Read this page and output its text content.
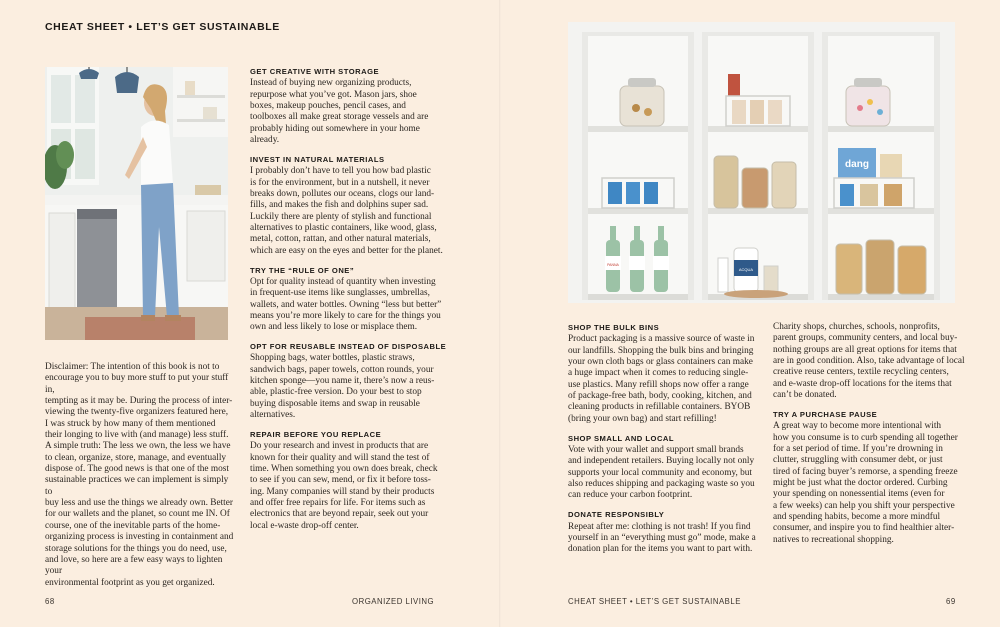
CHEAT SHEET • LET’S GET SUSTAINABLE

Disclaimer: The intention of this book is not to

encourage you to buy more stuff to put your stuff in,

tempting as it may be. During the process of inter-

viewing the twenty-five organizers featured here,

I was struck by how many of them mentioned

their longing to live with (and manage) less stuff.

A simple truth: The less we own, the less we have

to clean, organize, store, manage, and eventually

dispose of. The good news is that one of the most

sustainable practices we can implement is simply to

buy less and use the things we already own. Better

for our wallets and the planet, so count me IN. Of

course, one of the inevitable parts of the home-

organizing process is investing in containment and

storage solutions for the things you do need, use,

and love, so here are a few easy ways to lighten your

environmental footprint as you get organized.

GET CREATIVE WITH STORAGE

Instead of buying new organizing products,

repurpose what you’ve got. Mason jars, shoe

boxes, makeup pouches, pencil cases, and

toolboxes all make great storage vessels and are

probably hiding out somewhere in your home

already.

INVEST IN NATURAL MATERIALS

I probably don’t have to tell you how bad plastic

is for the environment, but in a nutshell, it never

breaks down, pollutes our oceans, clogs our land-

fills, and makes the fish and dolphins super sad.

Luckily there are plenty of stylish and functional

alternatives to plastic containers, like wood, glass,

metal, cotton, rattan, and other natural materials,

which are easy on the eyes and better for the planet.

TRY THE “RULE OF ONE”

Opt for quality instead of quantity when investing

in frequent-use items like sunglasses, umbrellas,

wallets, and water bottles. Owning “less but better”

means you’re more likely to care for the things you

own and less likely to lose or misplace them.

OPT FOR REUSABLE INSTEAD OF DISPOSABLE

Shopping bags, water bottles, plastic straws,

sandwich bags, paper towels, cotton rounds, your

kitchen sponge—you name it, there’s now a reus-

able, plastic-free version. Do your best to stop

buying disposable items and swap in reusable

alternatives.

REPAIR BEFORE YOU REPLACE

Do your research and invest in products that are

known for their quality and will stand the test of

time. When something you own does break, check

to see if you can sew, mend, or fix it before toss-

ing. Many companies will stand by their products

and offer free repairs for life. For items such as

electronics that are beyond repair, seek out your

local e-waste drop-off center.

68	ORGANIZED LIVING
dang
PANNA
ACQUA
SHOP THE BULK BINS

Product packaging is a massive source of waste in

our landfills. Shopping the bulk bins and bringing

your own cloth bags or glass containers can make

a huge impact when it comes to reducing single-

use plastics. Many refill shops now offer a range

of package-free bath, body, cooking, kitchen, and

cleaning products in refillable containers. BYOB

(bring your own bag) and start refilling!

SHOP SMALL AND LOCAL

Vote with your wallet and support small brands

and independent retailers. Buying locally not only

supports your local community and economy, but

also reduces shipping and packaging waste so you

can reduce your carbon footprint.

DONATE RESPONSIBLY

Repeat after me: clothing is not trash! If you find

yourself in an “everything must go” mode, make a

donation plan for the items you want to part with.

Charity shops, churches, schools, nonprofits,

parent groups, community centers, and local buy-

nothing groups are all great options for items that

are in good condition. Also, take advantage of local

creative reuse centers, textile recycling centers,

and e-waste drop-off locations for the items that

can’t be donated.

TRY A PURCHASE PAUSE

A great way to become more intentional with

how you consume is to curb spending all together

for a set period of time. If you’re drowning in

clutter, struggling with consumer debt, or just

tired of facing buyer’s remorse, a spending freeze

might be just what the doctor ordered. Curbing

your spending on nonessential items (even for

a few weeks) can help you shift your perspective

and spending habits, become a more mindful

consumer, and inspire you to find healthier alter-

natives to recreational shopping.

CHEAT SHEET • LET’S GET SUSTAINABLE	69
